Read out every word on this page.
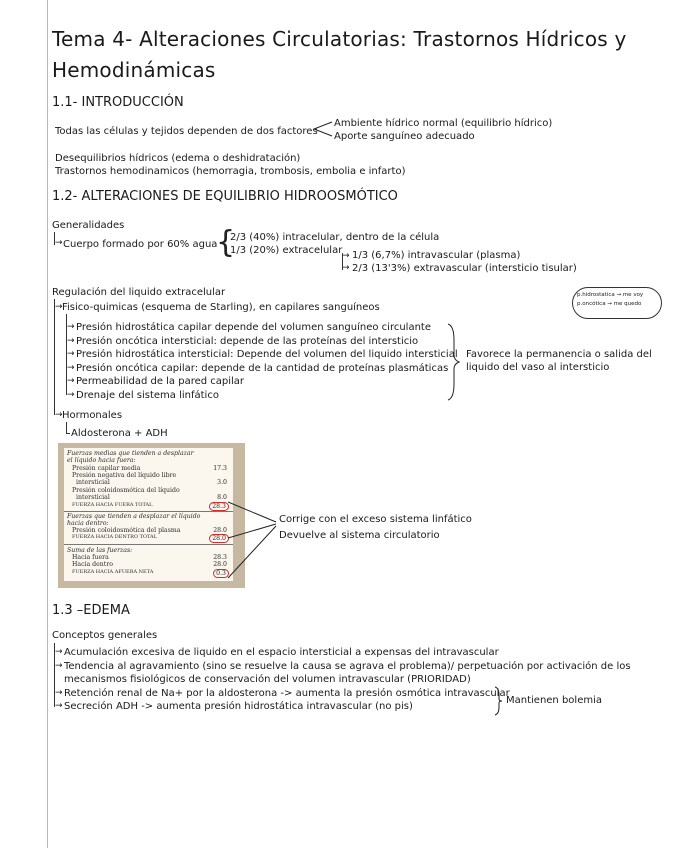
Tema 4- Alteraciones Circulatorias: Trastornos Hídricos y
Hemodinámicas
1.1- INTRODUCCIÓN
Todas las células y tejidos dependen de dos factores
Ambiente hídrico normal (equilibrio hídrico)
Aporte sanguíneo adecuado
Desequilibrios hídricos (edema o deshidratación)
Trastornos hemodinamicos (hemorragia, trombosis, embolia e infarto)
1.2- ALTERACIONES DE EQUILIBRIO HIDROOSMÓTICO
Generalidades
→ Cuerpo formado por 60% agua
{
2/3 (40%) intracelular, dentro de la célula
1/3 (20%) extracelular → 1/3 (6,7%) intravascular (plasma)
→ 2/3 (13'3%) extravascular (intersticio tisular)
Regulación del liquido extracelular
→ Fisico-quimicas (esquema de Starling), en capilares sanguíneos
→ Presión hidrostática capilar depende del volumen sanguíneo circulante
→ Presión oncótica intersticial: depende de las proteínas del intersticio
→ Presión hidrostática intersticial: Depende del volumen del liquido intersticial
→ Presión oncótica capilar: depende de la cantidad de proteínas plasmáticas
→ Permeabilidad de la pared capilar
→ Drenaje del sistema linfático
Favorece la permanencia o salida del
liquido del vaso al intersticio
p.hidrostatica → me voy
p.oncótica → me quedo
→ Hormonales
Aldosterona + ADH
Fuerzas medias que tienden a desplazar
el líquido hacia fuera:
Presión capilar media	17.3
Presión negativa del líquido libre
intersticial	3.0
Presión coloidosmótica del líquido
intersticial	8.0
FUERZA HACIA FUERA TOTAL	28.3
Fuerzas que tienden a desplazar el líquido
hacia dentro:
Presión coloidosmótica del plasma	28.0
FUERZA HACIA DENTRO TOTAL	28.0
Suma de las fuerzas:
Hacia fuera	28.3
Hacia dentro	28.0
FUERZA HACIA AFUERA NETA	0.3
Corrige con el exceso sistema linfático
Devuelve al sistema circulatorio
1.3 –EDEMA
Conceptos generales
→ Acumulación excesiva de liquido en el espacio intersticial a expensas del intravascular
→ Tendencia al agravamiento (sino se resuelve la causa se agrava el problema)/ perpetuación por activación de los
mecanismos fisiológicos de conservación del volumen intravascular (PRIORIDAD)
→ Retención renal de Na+ por la aldosterona -> aumenta la presión osmótica intravascular
→ Secreción ADH -> aumenta presión hidrostática intravascular (no pis)
Mantienen bolemia
